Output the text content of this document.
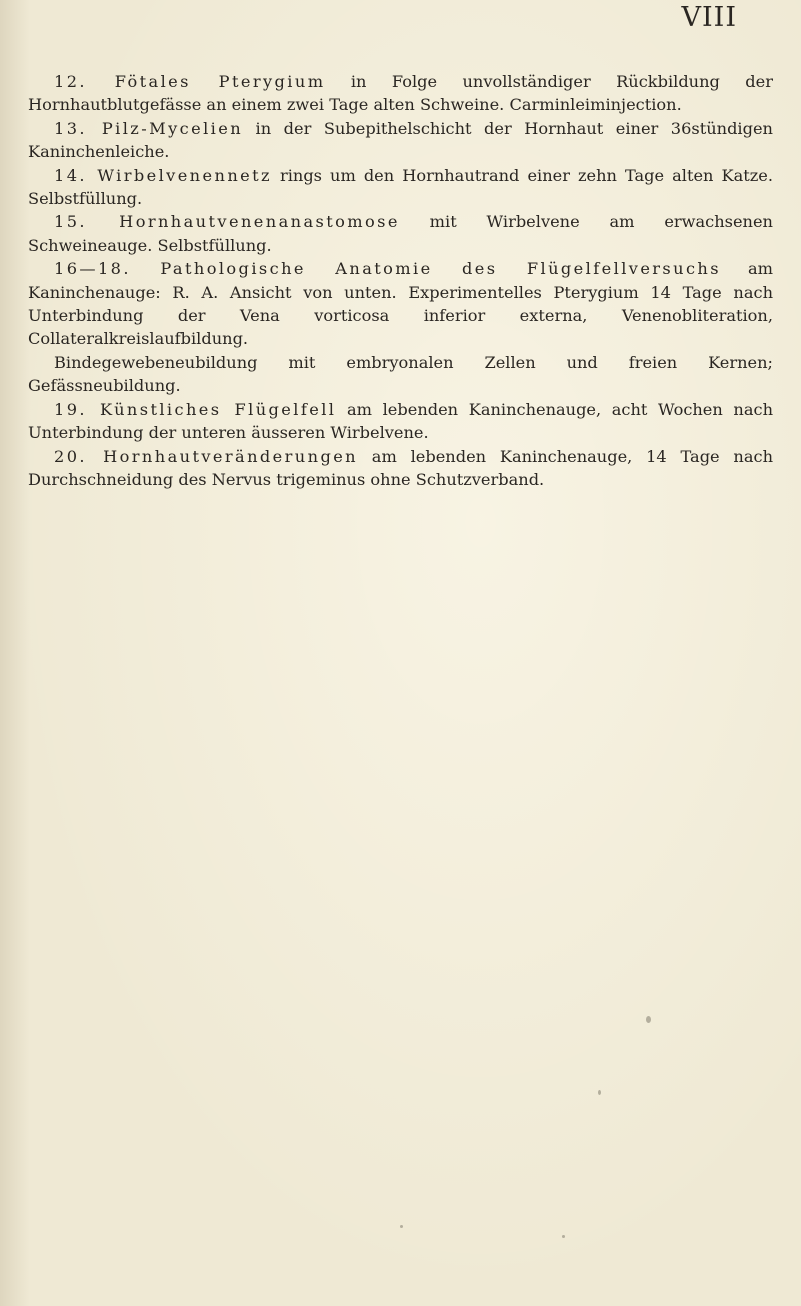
VIII

12. Fötales Pterygium in Folge unvollständiger Rückbildung der Hornhautblutgefässe an einem zwei Tage alten Schweine. Carminleiminjection.

13. Pilz-Mycelien in der Subepithelschicht der Hornhaut einer 36stündigen Kaninchenleiche.

14. Wirbelvenennetz rings um den Hornhautrand einer zehn Tage alten Katze. Selbstfüllung.

15. Hornhautvenenanastomose mit Wirbelvene am erwachsenen Schweineauge. Selbstfüllung.

16—18. Pathologische Anatomie des Flügelfellversuchs am Kaninchenauge: R. A. Ansicht von unten. Experimentelles Pterygium 14 Tage nach Unterbindung der Vena vorticosa inferior externa, Venenobliteration, Collateralkreislaufbildung.

Bindegewebeneubildung mit embryonalen Zellen und freien Kernen; Gefässneubildung.

19. Künstliches Flügelfell am lebenden Kaninchenauge, acht Wochen nach Unterbindung der unteren äusseren Wirbelvene.

20. Hornhautveränderungen am lebenden Kaninchenauge, 14 Tage nach Durchschneidung des Nervus trigeminus ohne Schutzverband.
